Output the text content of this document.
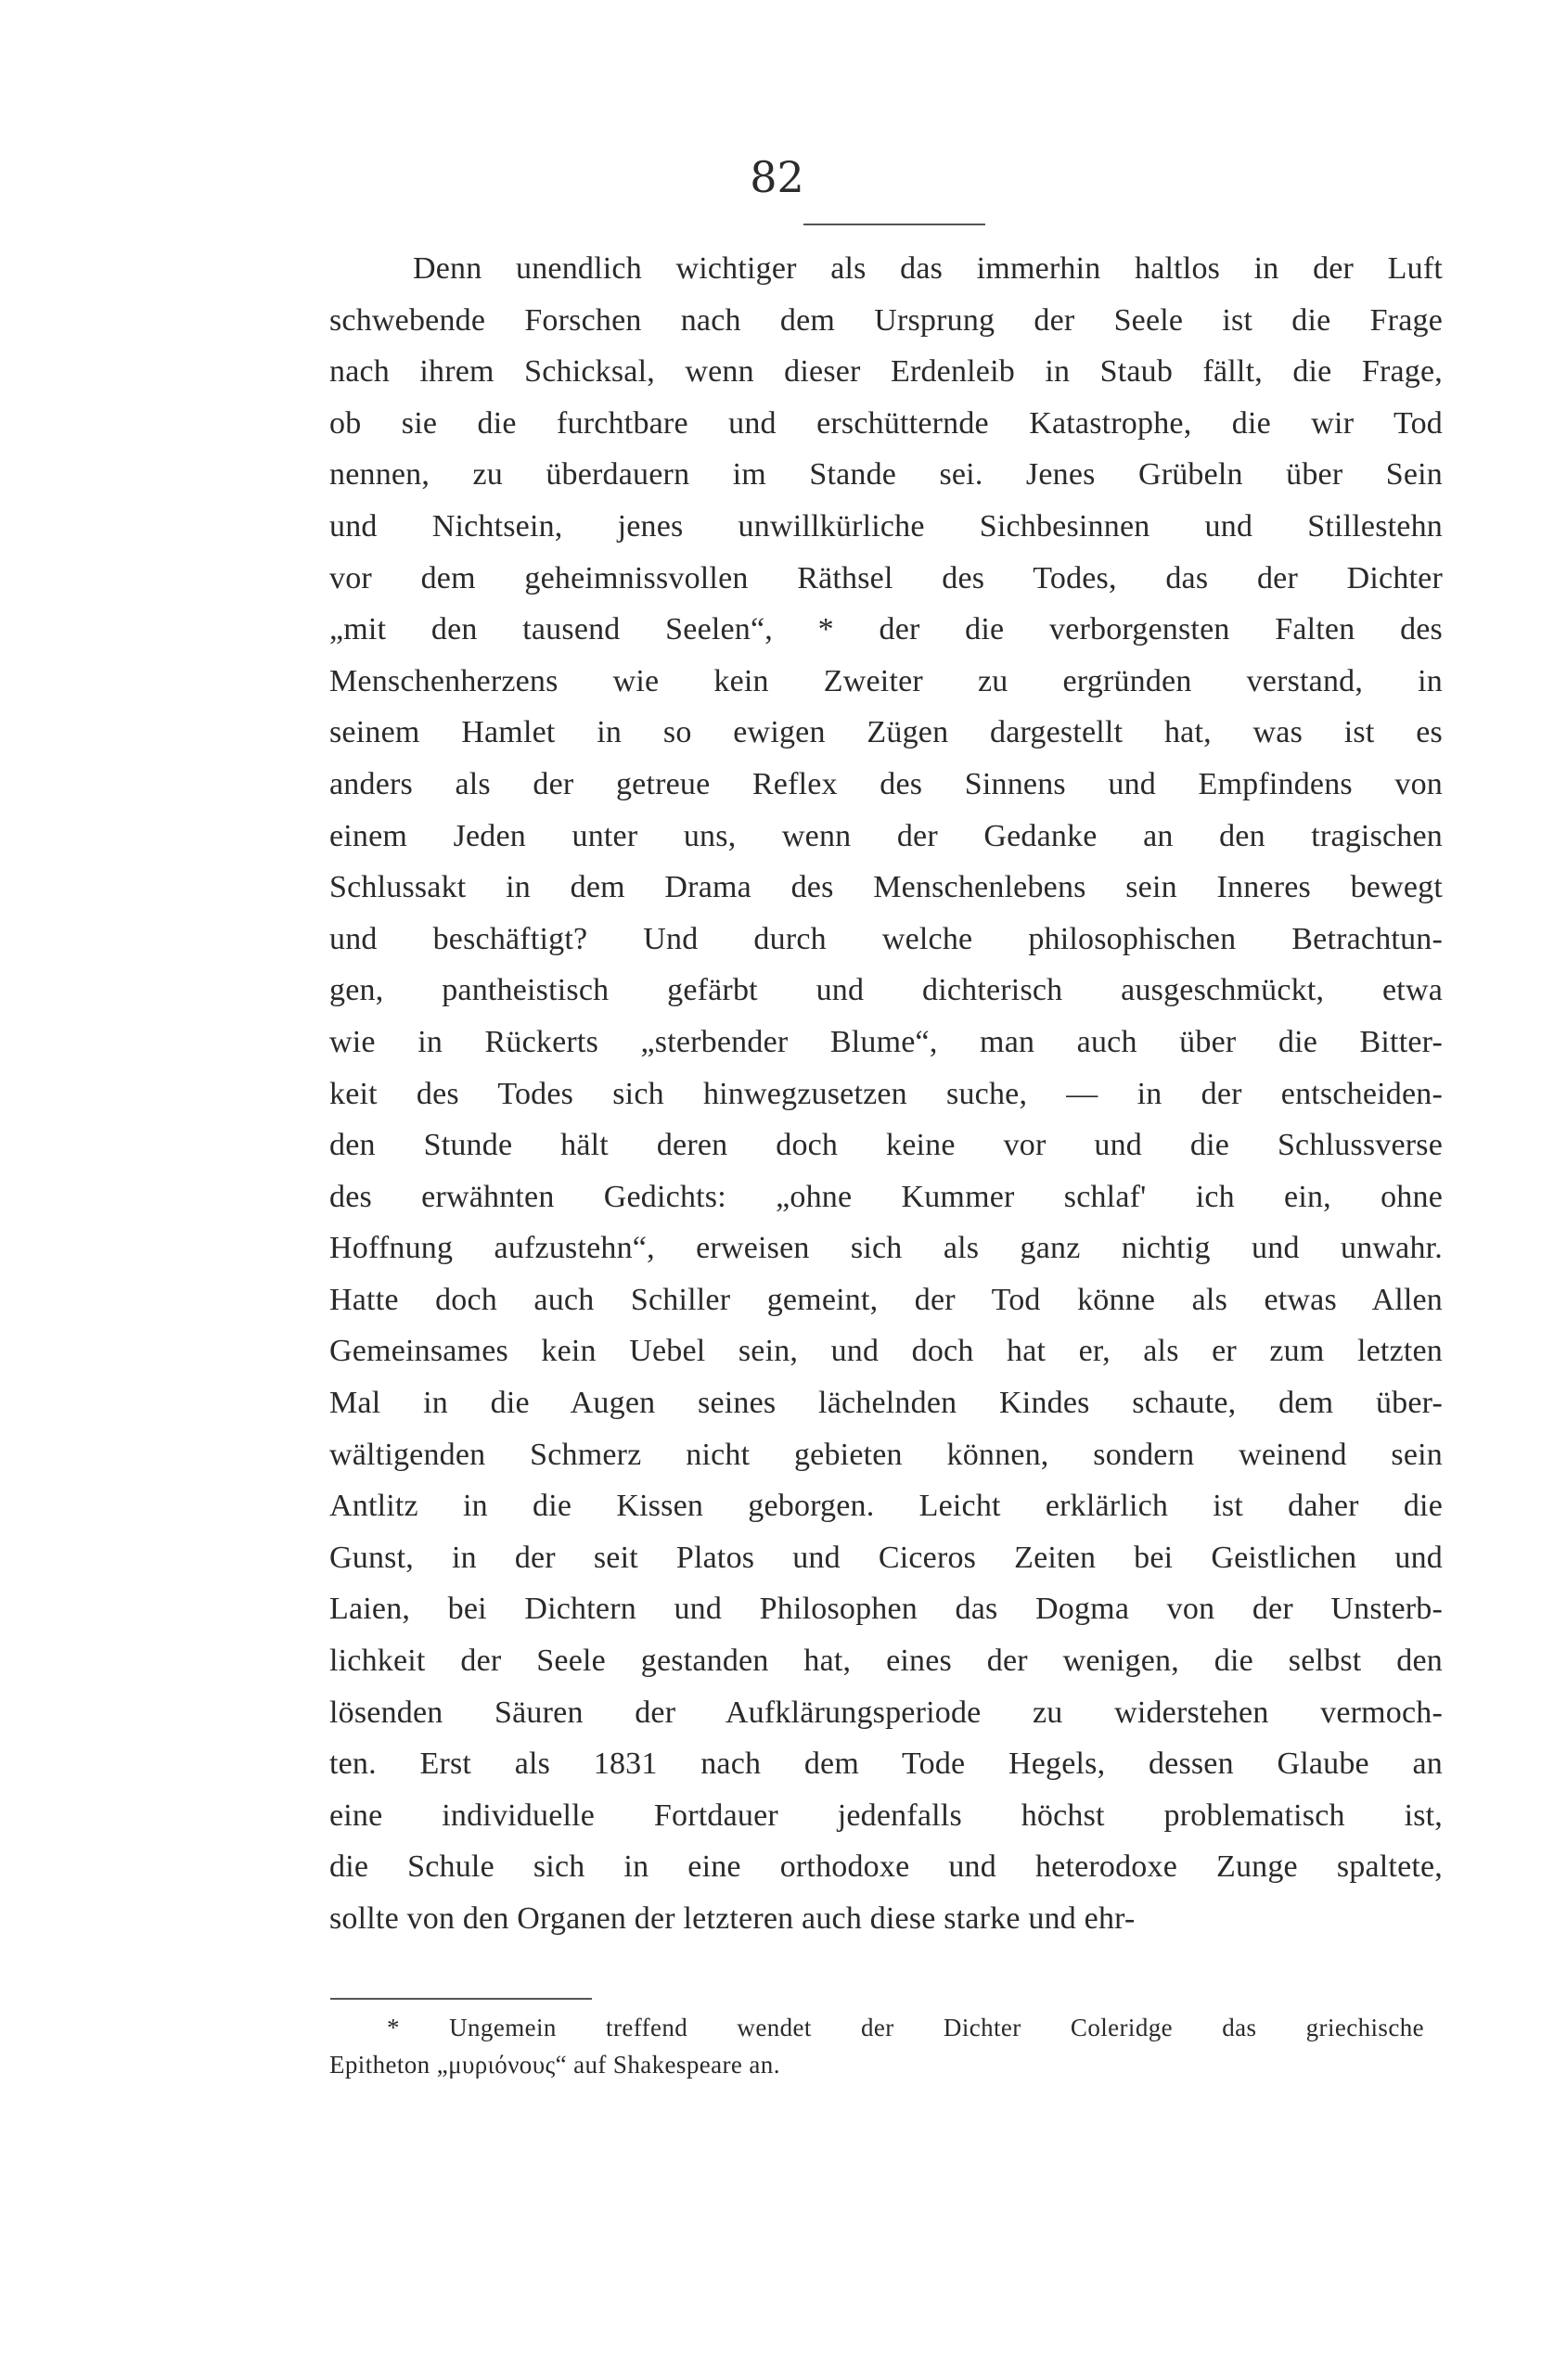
82
Denn unendlich wichtiger als das immerhin haltlos in der Luft
schwebende Forschen nach dem Ursprung der Seele ist die Frage
nach ihrem Schicksal, wenn dieser Erdenleib in Staub fällt, die Frage,
ob sie die furchtbare und erschütternde Katastrophe, die wir Tod
nennen, zu überdauern im Stande sei. Jenes Grübeln über Sein
und Nichtsein, jenes unwillkürliche Sichbesinnen und Stillestehn
vor dem geheimnissvollen Räthsel des Todes, das der Dichter
„mit den tausend Seelen“, * der die verborgensten Falten des
Menschenherzens wie kein Zweiter zu ergründen verstand, in
seinem Hamlet in so ewigen Zügen dargestellt hat, was ist es
anders als der getreue Reflex des Sinnens und Empfindens von
einem Jeden unter uns, wenn der Gedanke an den tragischen
Schlussakt in dem Drama des Menschenlebens sein Inneres bewegt
und beschäftigt? Und durch welche philosophischen Betrachtun-
gen, pantheistisch gefärbt und dichterisch ausgeschmückt, etwa
wie in Rückerts „sterbender Blume“, man auch über die Bitter-
keit des Todes sich hinwegzusetzen suche, — in der entscheiden-
den Stunde hält deren doch keine vor und die Schlussverse
des erwähnten Gedichts: „ohne Kummer schlaf' ich ein, ohne
Hoffnung aufzustehn“, erweisen sich als ganz nichtig und unwahr.
Hatte doch auch Schiller gemeint, der Tod könne als etwas Allen
Gemeinsames kein Uebel sein, und doch hat er, als er zum letzten
Mal in die Augen seines lächelnden Kindes schaute, dem über-
wältigenden Schmerz nicht gebieten können, sondern weinend sein
Antlitz in die Kissen geborgen. Leicht erklärlich ist daher die
Gunst, in der seit Platos und Ciceros Zeiten bei Geistlichen und
Laien, bei Dichtern und Philosophen das Dogma von der Unsterb-
lichkeit der Seele gestanden hat, eines der wenigen, die selbst den
lösenden Säuren der Aufklärungsperiode zu widerstehen vermoch-
ten. Erst als 1831 nach dem Tode Hegels, dessen Glaube an
eine individuelle Fortdauer jedenfalls höchst problematisch ist,
die Schule sich in eine orthodoxe und heterodoxe Zunge spaltete,
sollte von den Organen der letzteren auch diese starke und ehr-
* Ungemein treffend wendet der Dichter Coleridge das griechische
Epitheton „μυριόνους“ auf Shakespeare an.
